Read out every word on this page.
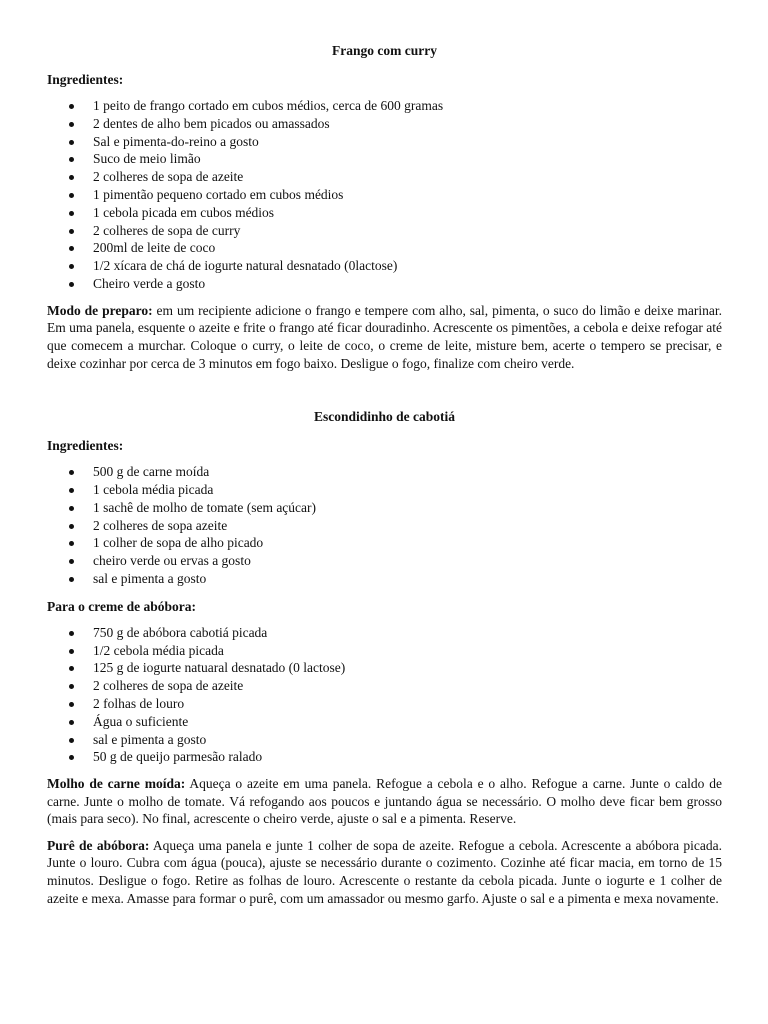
Frango com curry

Ingredientes:

1 peito de frango cortado em cubos médios, cerca de 600 gramas
2 dentes de alho bem picados ou amassados
Sal e pimenta-do-reino a gosto
Suco de meio limão
2 colheres de sopa de azeite
1 pimentão pequeno cortado em cubos médios
1 cebola picada em cubos médios
2 colheres de sopa de curry
200ml de leite de coco
1/2 xícara de chá de iogurte natural desnatado (0lactose)
Cheiro verde a gosto

Modo de preparo: em um recipiente adicione o frango e tempere com alho, sal, pimenta, o suco do limão e deixe marinar. Em uma panela, esquente o azeite e frite o frango até ficar douradinho. Acrescente os pimentões, a cebola e deixe refogar até que comecem a murchar. Coloque o curry, o leite de coco, o creme de leite, misture bem, acerte o tempero se precisar, e deixe cozinhar por cerca de 3 minutos em fogo baixo. Desligue o fogo, finalize com cheiro verde.

Escondidinho de cabotiá

Ingredientes:

500 g de carne moída
1 cebola média picada
1 sachê de molho de tomate (sem açúcar)
2 colheres de sopa azeite
1 colher de sopa de alho picado
cheiro verde ou ervas a gosto
sal e pimenta a gosto

Para o creme de abóbora:

750 g de abóbora cabotiá picada
1/2 cebola média picada
125 g de iogurte natuaral desnatado (0 lactose)
2 colheres de sopa de azeite
2 folhas de louro
Água o suficiente
sal e pimenta a gosto
50 g de queijo parmesão ralado

Molho de carne moída: Aqueça o azeite em uma panela. Refogue a cebola e o alho. Refogue a carne. Junte o caldo de carne. Junte o molho de tomate. Vá refogando aos poucos e juntando água se necessário. O molho deve ficar bem grosso (mais para seco). No final, acrescente o cheiro verde, ajuste o sal e a pimenta. Reserve.

Purê de abóbora: Aqueça uma panela e junte 1 colher de sopa de azeite. Refogue a cebola. Acrescente a abóbora picada. Junte o louro. Cubra com água (pouca), ajuste se necessário durante o cozimento. Cozinhe até ficar macia, em torno de 15 minutos. Desligue o fogo. Retire as folhas de louro. Acrescente o restante da cebola picada. Junte o iogurte e 1 colher de azeite e mexa. Amasse para formar o purê, com um amassador ou mesmo garfo. Ajuste o sal e a pimenta e mexa novamente.
